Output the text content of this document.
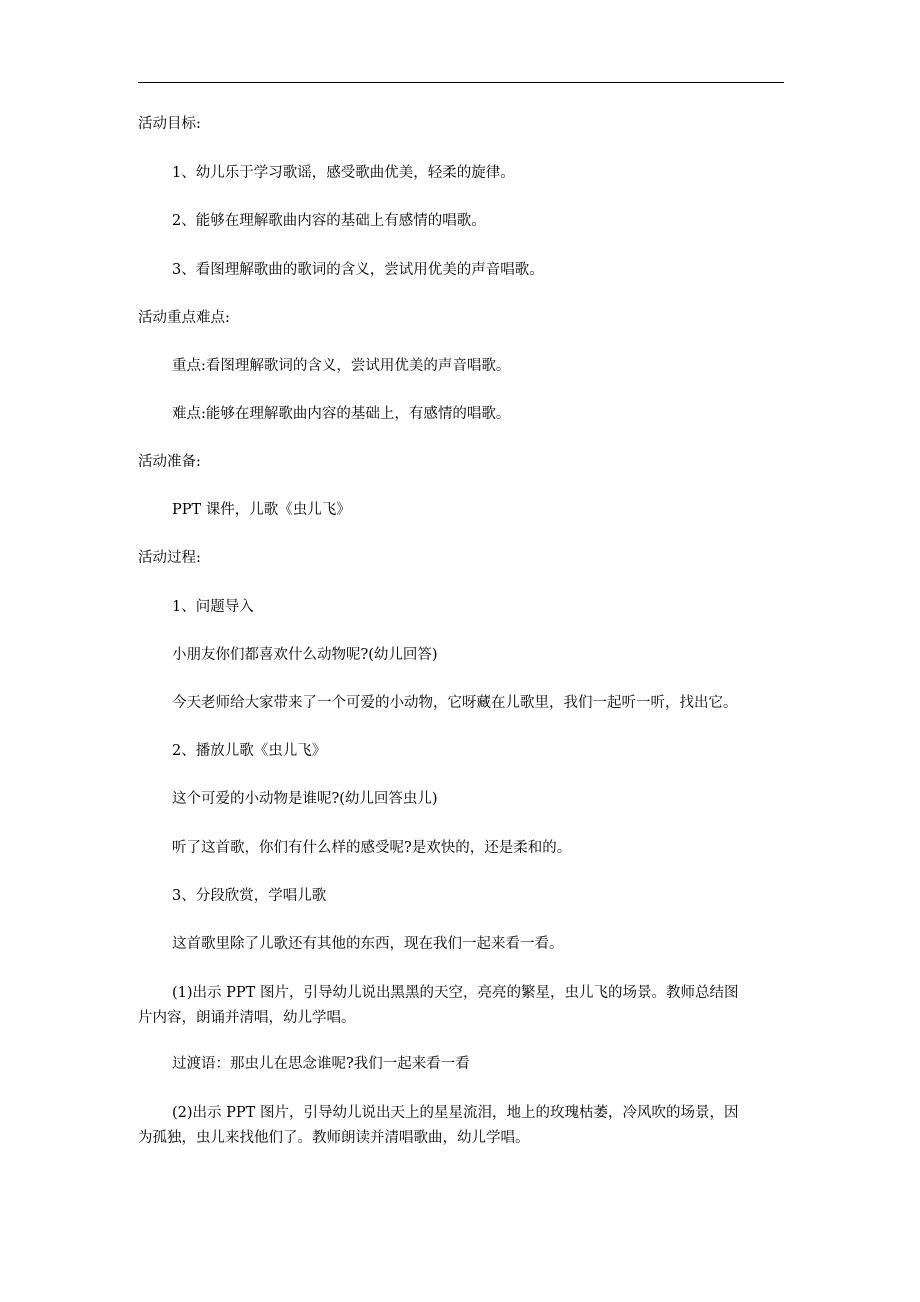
活动目标:
1、幼儿乐于学习歌谣，感受歌曲优美，轻柔的旋律。
2、能够在理解歌曲内容的基础上有感情的唱歌。
3、看图理解歌曲的歌词的含义，尝试用优美的声音唱歌。
活动重点难点:
重点:看图理解歌词的含义，尝试用优美的声音唱歌。
难点:能够在理解歌曲内容的基础上，有感情的唱歌。
活动准备:
PPT 课件，儿歌《虫儿飞》
活动过程:
1、问题导入
小朋友你们都喜欢什么动物呢?(幼儿回答)
今天老师给大家带来了一个可爱的小动物，它呀藏在儿歌里，我们一起听一听，找出它。
2、播放儿歌《虫儿飞》
这个可爱的小动物是谁呢?(幼儿回答虫儿)
听了这首歌，你们有什么样的感受呢?是欢快的，还是柔和的。
3、分段欣赏，学唱儿歌
这首歌里除了儿歌还有其他的东西，现在我们一起来看一看。
(1)出示 PPT 图片，引导幼儿说出黑黑的天空，亮亮的繁星，虫儿飞的场景。教师总结图片内容，朗诵并清唱，幼儿学唱。
过渡语：那虫儿在思念谁呢?我们一起来看一看
(2)出示 PPT 图片，引导幼儿说出天上的星星流泪，地上的玫瑰枯萎，冷风吹的场景，因为孤独，虫儿来找他们了。教师朗读并清唱歌曲，幼儿学唱。
